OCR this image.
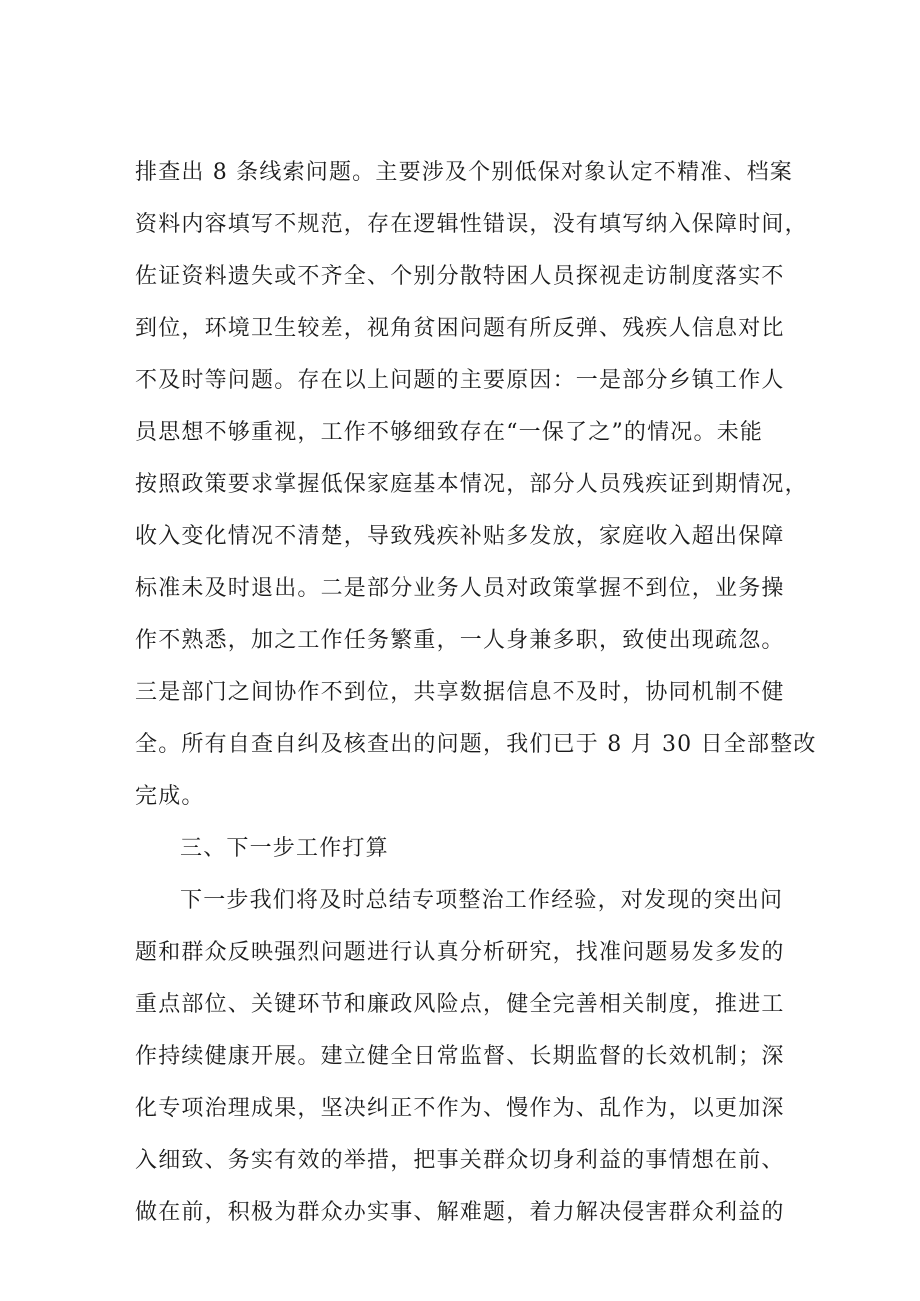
排查出 8 条线索问题。主要涉及个别低保对象认定不精准、档案
资料内容填写不规范，存在逻辑性错误，没有填写纳入保障时间，
佐证资料遗失或不齐全、个别分散特困人员探视走访制度落实不
到位，环境卫生较差，视角贫困问题有所反弹、残疾人信息对比
不及时等问题。存在以上问题的主要原因：一是部分乡镇工作人
员思想不够重视，工作不够细致存在“一保了之”的情况。未能
按照政策要求掌握低保家庭基本情况，部分人员残疾证到期情况，
收入变化情况不清楚，导致残疾补贴多发放，家庭收入超出保障
标准未及时退出。二是部分业务人员对政策掌握不到位，业务操
作不熟悉，加之工作任务繁重，一人身兼多职，致使出现疏忽。
三是部门之间协作不到位，共享数据信息不及时，协同机制不健
全。所有自查自纠及核查出的问题，我们已于 8 月 30 日全部整改
完成。
三、下一步工作打算
下一步我们将及时总结专项整治工作经验，对发现的突出问
题和群众反映强烈问题进行认真分析研究，找准问题易发多发的
重点部位、关键环节和廉政风险点，健全完善相关制度，推进工
作持续健康开展。建立健全日常监督、长期监督的长效机制；深
化专项治理成果，坚决纠正不作为、慢作为、乱作为，以更加深
入细致、务实有效的举措，把事关群众切身利益的事情想在前、
做在前，积极为群众办实事、解难题，着力解决侵害群众利益的
